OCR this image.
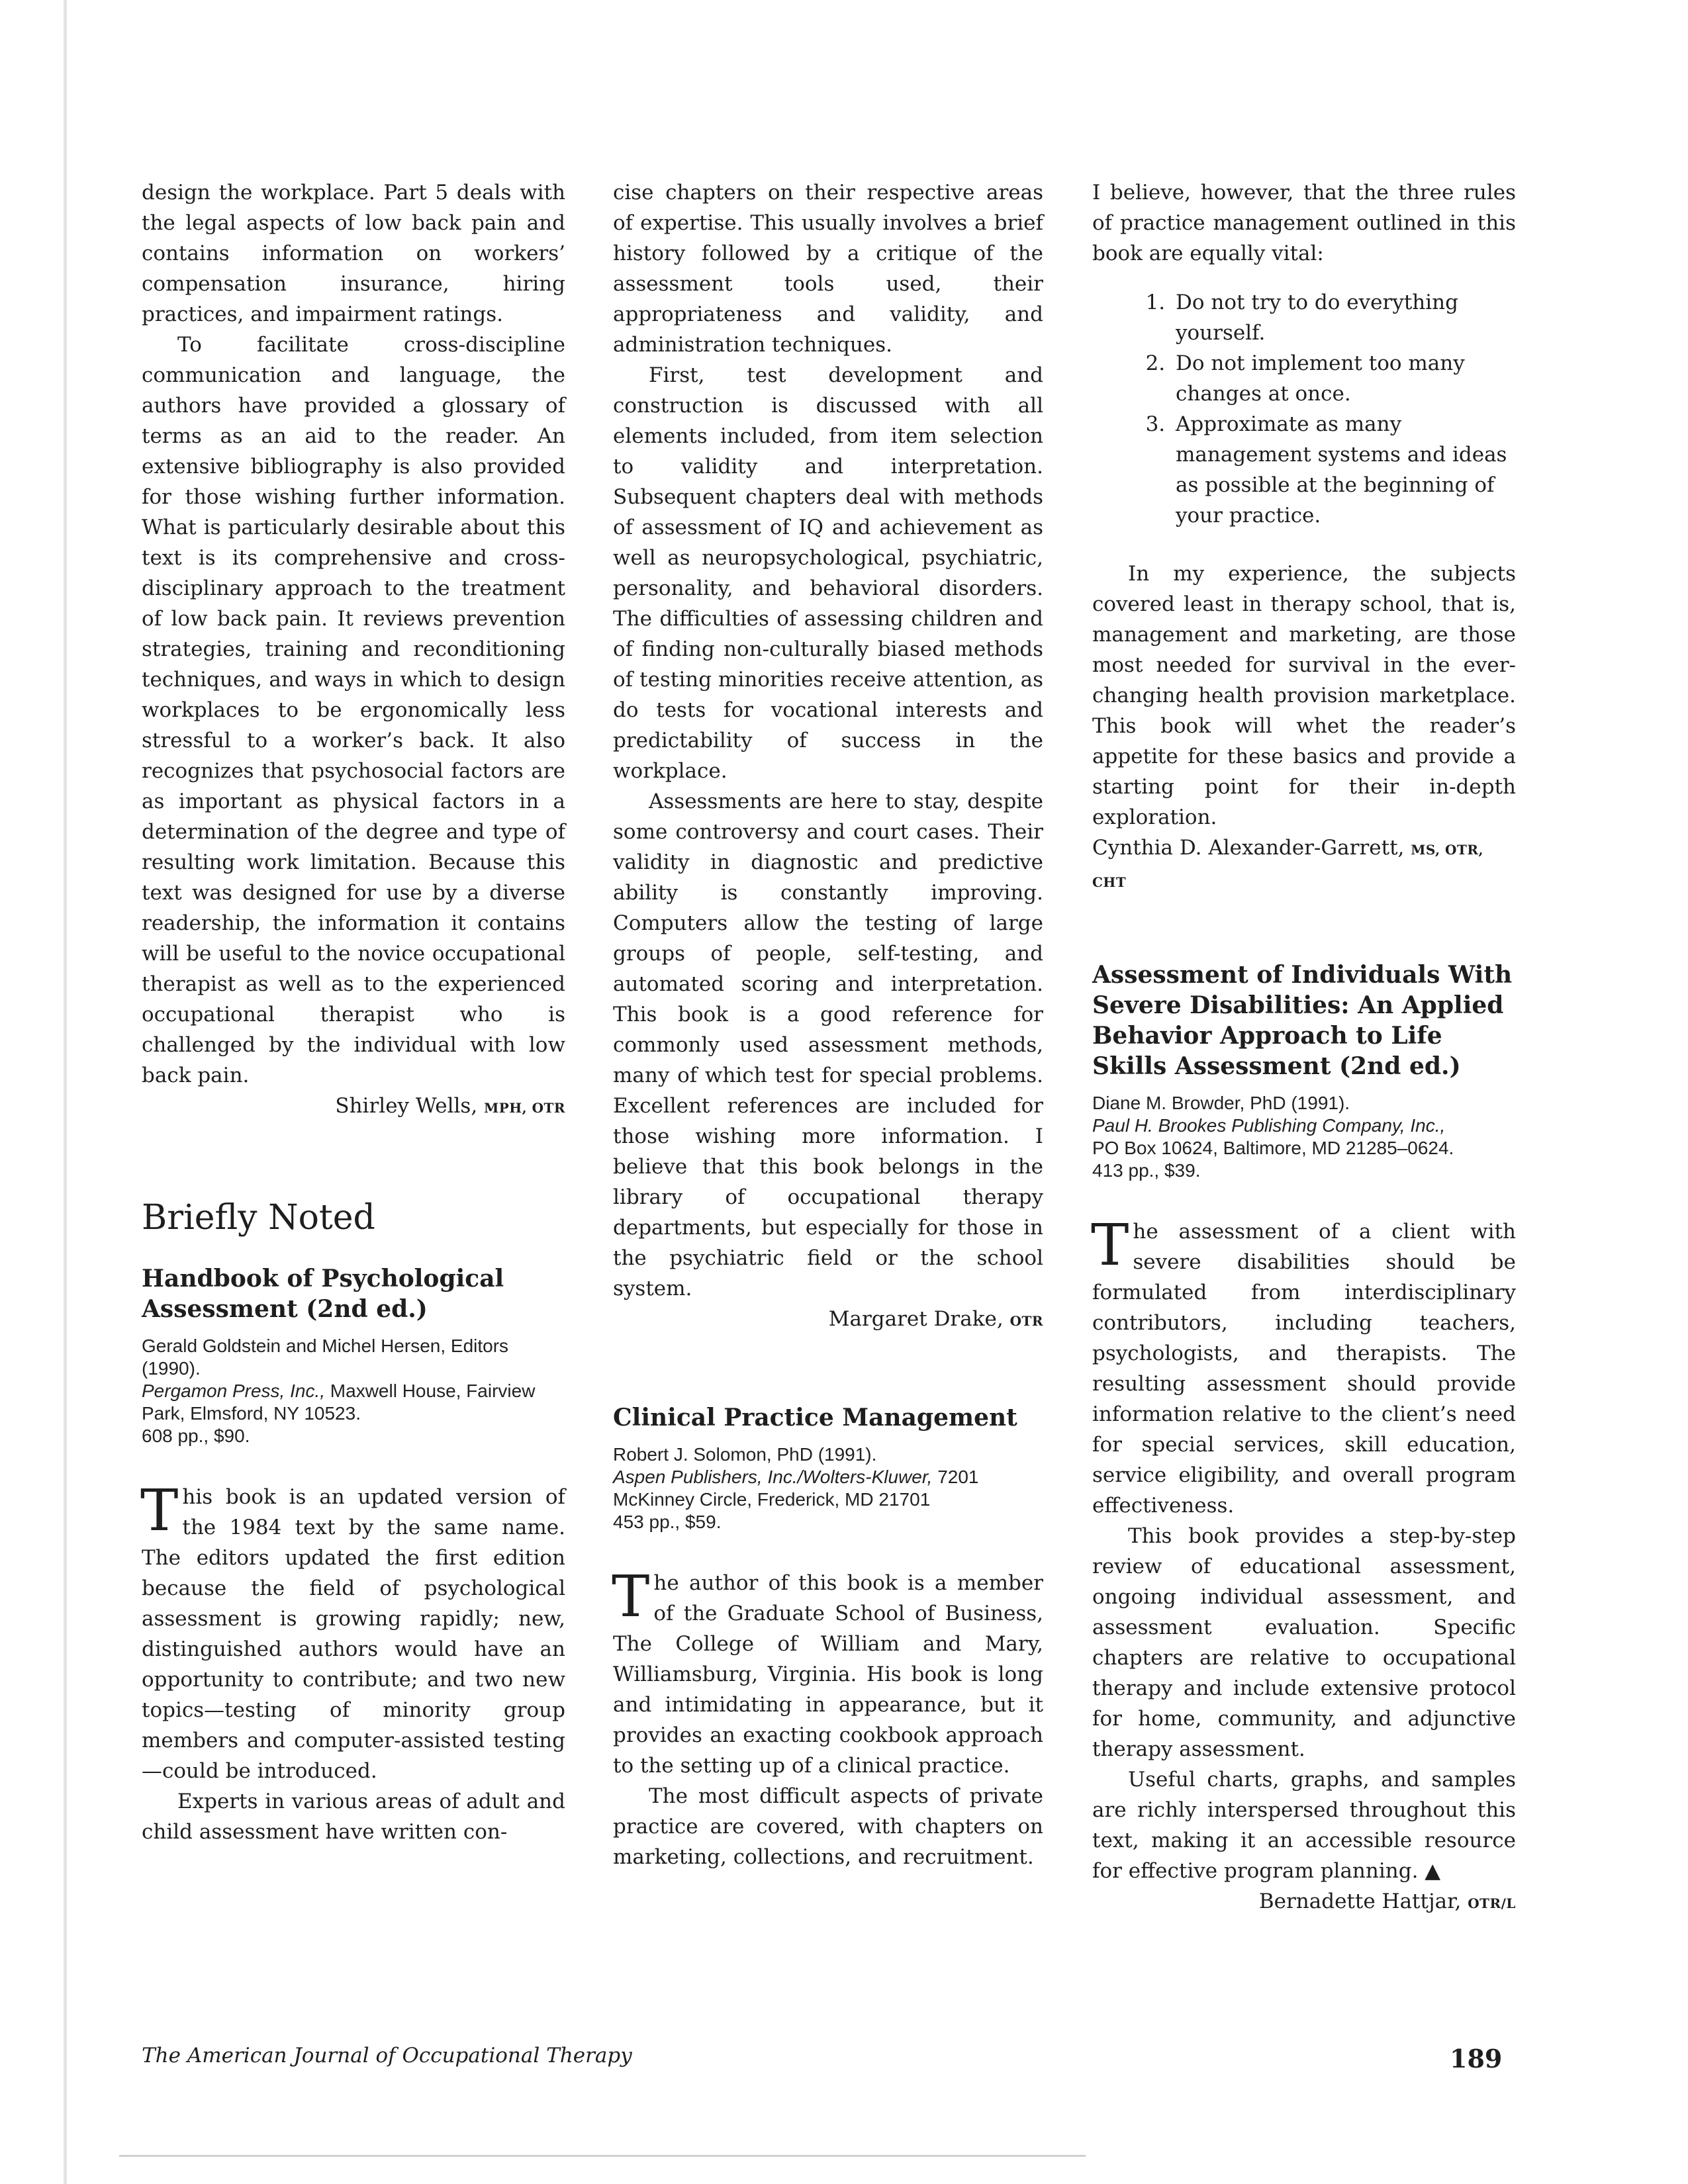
design the workplace. Part 5 deals with the legal aspects of low back pain and contains information on workers’ compensation insurance, hiring practices, and impairment ratings.

To facilitate cross-discipline communication and language, the authors have provided a glossary of terms as an aid to the reader. An extensive bibliography is also provided for those wishing further information. What is particularly desirable about this text is its comprehensive and cross-disciplinary approach to the treatment of low back pain. It reviews prevention strategies, training and reconditioning techniques, and ways in which to design workplaces to be ergonomically less stressful to a worker’s back. It also recognizes that psychosocial factors are as important as physical factors in a determination of the degree and type of resulting work limitation. Because this text was designed for use by a diverse readership, the information it contains will be useful to the novice occupational therapist as well as to the experienced occupational therapist who is challenged by the individual with low back pain.

Shirley Wells, MPH, OTR
Briefly Noted
Handbook of Psychological Assessment (2nd ed.)
Gerald Goldstein and Michel Hersen, Editors (1990).
Pergamon Press, Inc., Maxwell House, Fairview Park, Elmsford, NY 10523.
608 pp., $90.

This book is an updated version of the 1984 text by the same name. The editors updated the first edition because the field of psychological assessment is growing rapidly; new, distinguished authors would have an opportunity to contribute; and two new topics—testing of minority group members and computer-assisted testing—could be introduced.

Experts in various areas of adult and child assessment have written con-

cise chapters on their respective areas of expertise. This usually involves a brief history followed by a critique of the assessment tools used, their appropriateness and validity, and administration techniques.

First, test development and construction is discussed with all elements included, from item selection to validity and interpretation. Subsequent chapters deal with methods of assessment of IQ and achievement as well as neuropsychological, psychiatric, personality, and behavioral disorders. The difficulties of assessing children and of finding non-culturally biased methods of testing minorities receive attention, as do tests for vocational interests and predictability of success in the workplace.

Assessments are here to stay, despite some controversy and court cases. Their validity in diagnostic and predictive ability is constantly improving. Computers allow the testing of large groups of people, self-testing, and automated scoring and interpretation. This book is a good reference for commonly used assessment methods, many of which test for special problems. Excellent references are included for those wishing more information. I believe that this book belongs in the library of occupational therapy departments, but especially for those in the psychiatric field or the school system.

Margaret Drake, OTR
Clinical Practice Management
Robert J. Solomon, PhD (1991).
Aspen Publishers, Inc./Wolters-Kluwer, 7201 McKinney Circle, Frederick, MD 21701
453 pp., $59.

The author of this book is a member of the Graduate School of Business, The College of William and Mary, Williamsburg, Virginia. His book is long and intimidating in appearance, but it provides an exacting cookbook approach to the setting up of a clinical practice.

The most difficult aspects of private practice are covered, with chapters on marketing, collections, and recruitment.

I believe, however, that the three rules of practice management outlined in this book are equally vital:

1. Do not try to do everything yourself.
2. Do not implement too many changes at once.
3. Approximate as many management systems and ideas as possible at the beginning of your practice.

In my experience, the subjects covered least in therapy school, that is, management and marketing, are those most needed for survival in the ever-changing health provision marketplace. This book will whet the reader’s appetite for these basics and provide a starting point for their in-depth exploration.

Cynthia D. Alexander-Garrett, MS, OTR, CHT
Assessment of Individuals With Severe Disabilities: An Applied Behavior Approach to Life Skills Assessment (2nd ed.)
Diane M. Browder, PhD (1991).
Paul H. Brookes Publishing Company, Inc.,
PO Box 10624, Baltimore, MD 21285–0624.
413 pp., $39.

The assessment of a client with severe disabilities should be formulated from interdisciplinary contributors, including teachers, psychologists, and therapists. The resulting assessment should provide information relative to the client’s need for special services, skill education, service eligibility, and overall program effectiveness.

This book provides a step-by-step review of educational assessment, ongoing individual assessment, and assessment evaluation. Specific chapters are relative to occupational therapy and include extensive protocol for home, community, and adjunctive therapy assessment.

Useful charts, graphs, and samples are richly interspersed throughout this text, making it an accessible resource for effective program planning. ▲

Bernadette Hattjar, OTR/L
The American Journal of Occupational Therapy	189
